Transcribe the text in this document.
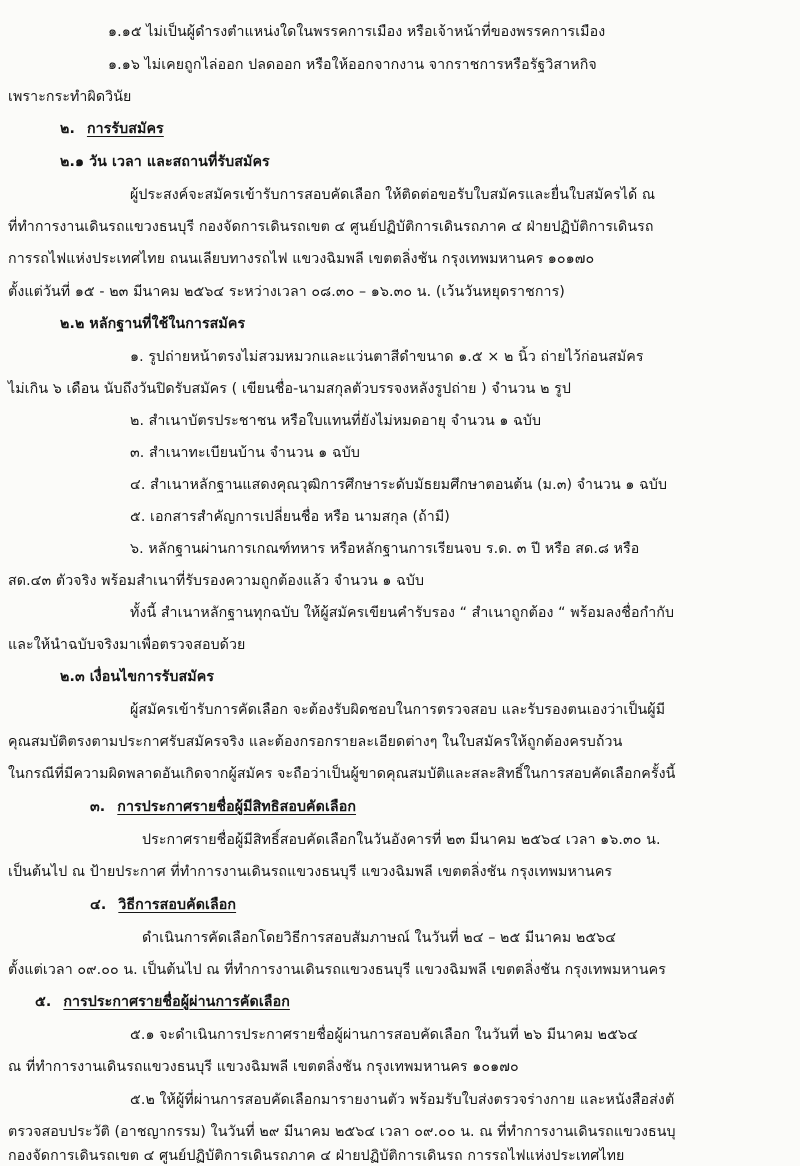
๑.๑๕ ไม่เป็นผู้ดำรงตำแหน่งใดในพรรคการเมือง หรือเจ้าหน้าที่ของพรรคการเมือง
๑.๑๖ ไม่เคยถูกไล่ออก ปลดออก หรือให้ออกจากงาน จากราชการหรือรัฐวิสาหกิจ
เพราะกระทำผิดวินัย
๒. การรับสมัคร
๒.๑ วัน เวลา และสถานที่รับสมัคร
ผู้ประสงค์จะสมัครเข้ารับการสอบคัดเลือก ให้ติดต่อขอรับใบสมัครและยื่นใบสมัครได้ ณ
ที่ทำการงานเดินรถแขวงธนบุรี กองจัดการเดินรถเขต ๔ ศูนย์ปฏิบัติการเดินรถภาค ๔ ฝ่ายปฏิบัติการเดินรถ
การรถไฟแห่งประเทศไทย ถนนเลียบทางรถไฟ แขวงฉิมพลี เขตตลิ่งชัน กรุงเทพมหานคร ๑๐๑๗๐
ตั้งแต่วันที่ ๑๕ - ๒๓ มีนาคม ๒๕๖๔ ระหว่างเวลา ๐๘.๓๐ – ๑๖.๓๐ น. (เว้นวันหยุดราชการ)
๒.๒ หลักฐานที่ใช้ในการสมัคร
๑. รูปถ่ายหน้าตรงไม่สวมหมวกและแว่นตาสีดำขนาด ๑.๕ × ๒ นิ้ว ถ่ายไว้ก่อนสมัคร
ไม่เกิน ๖ เดือน นับถึงวันปิดรับสมัคร ( เขียนชื่อ-นามสกุลตัวบรรจงหลังรูปถ่าย ) จำนวน ๒ รูป
๒. สำเนาบัตรประชาชน หรือใบแทนที่ยังไม่หมดอายุ จำนวน ๑ ฉบับ
๓. สำเนาทะเบียนบ้าน จำนวน ๑ ฉบับ
๔. สำเนาหลักฐานแสดงคุณวุฒิการศึกษาระดับมัธยมศึกษาตอนต้น (ม.๓) จำนวน ๑ ฉบับ
๕. เอกสารสำคัญการเปลี่ยนชื่อ หรือ นามสกุล (ถ้ามี)
๖. หลักฐานผ่านการเกณฑ์ทหาร หรือหลักฐานการเรียนจบ ร.ด. ๓ ปี หรือ สด.๘ หรือ
สด.๔๓ ตัวจริง พร้อมสำเนาที่รับรองความถูกต้องแล้ว จำนวน ๑ ฉบับ
ทั้งนี้ สำเนาหลักฐานทุกฉบับ ให้ผู้สมัครเขียนคำรับรอง “ สำเนาถูกต้อง “ พร้อมลงชื่อกำกับ
และให้นำฉบับจริงมาเพื่อตรวจสอบด้วย
๒.๓ เงื่อนไขการรับสมัคร
ผู้สมัครเข้ารับการคัดเลือก จะต้องรับผิดชอบในการตรวจสอบ และรับรองตนเองว่าเป็นผู้มี
คุณสมบัติตรงตามประกาศรับสมัครจริง และต้องกรอกรายละเอียดต่างๆ ในใบสมัครให้ถูกต้องครบถ้วน
ในกรณีที่มีความผิดพลาดอันเกิดจากผู้สมัคร จะถือว่าเป็นผู้ขาดคุณสมบัติและสละสิทธิ์ในการสอบคัดเลือกครั้งนี้
๓. การประกาศรายชื่อผู้มีสิทธิสอบคัดเลือก
ประกาศรายชื่อผู้มีสิทธิ์สอบคัดเลือกในวันอังคารที่ ๒๓ มีนาคม ๒๕๖๔ เวลา ๑๖.๓๐ น.
เป็นต้นไป ณ ป้ายประกาศ ที่ทำการงานเดินรถแขวงธนบุรี แขวงฉิมพลี เขตตลิ่งชัน กรุงเทพมหานคร
๔. วิธีการสอบคัดเลือก
ดำเนินการคัดเลือกโดยวิธีการสอบสัมภาษณ์ ในวันที่ ๒๔ – ๒๕ มีนาคม ๒๕๖๔
ตั้งแต่เวลา ๐๙.๐๐ น. เป็นต้นไป ณ ที่ทำการงานเดินรถแขวงธนบุรี แขวงฉิมพลี เขตตลิ่งชัน กรุงเทพมหานคร
๕. การประกาศรายชื่อผู้ผ่านการคัดเลือก
๕.๑ จะดำเนินการประกาศรายชื่อผู้ผ่านการสอบคัดเลือก ในวันที่ ๒๖ มีนาคม ๒๕๖๔
ณ ที่ทำการงานเดินรถแขวงธนบุรี แขวงฉิมพลี เขตตลิ่งชัน กรุงเทพมหานคร ๑๐๑๗๐
๕.๒ ให้ผู้ที่ผ่านการสอบคัดเลือกมารายงานตัว พร้อมรับใบส่งตรวจร่างกาย และหนังสือส่งตั
ตรวจสอบประวัติ (อาชญากรรม) ในวันที่ ๒๙ มีนาคม ๒๕๖๔ เวลา ๐๙.๐๐ น. ณ ที่ทำการงานเดินรถแขวงธนบุ
กองจัดการเดินรถเขต ๔ ศูนย์ปฏิบัติการเดินรถภาค ๔ ฝ่ายปฏิบัติการเดินรถ การรถไฟแห่งประเทศไทย
